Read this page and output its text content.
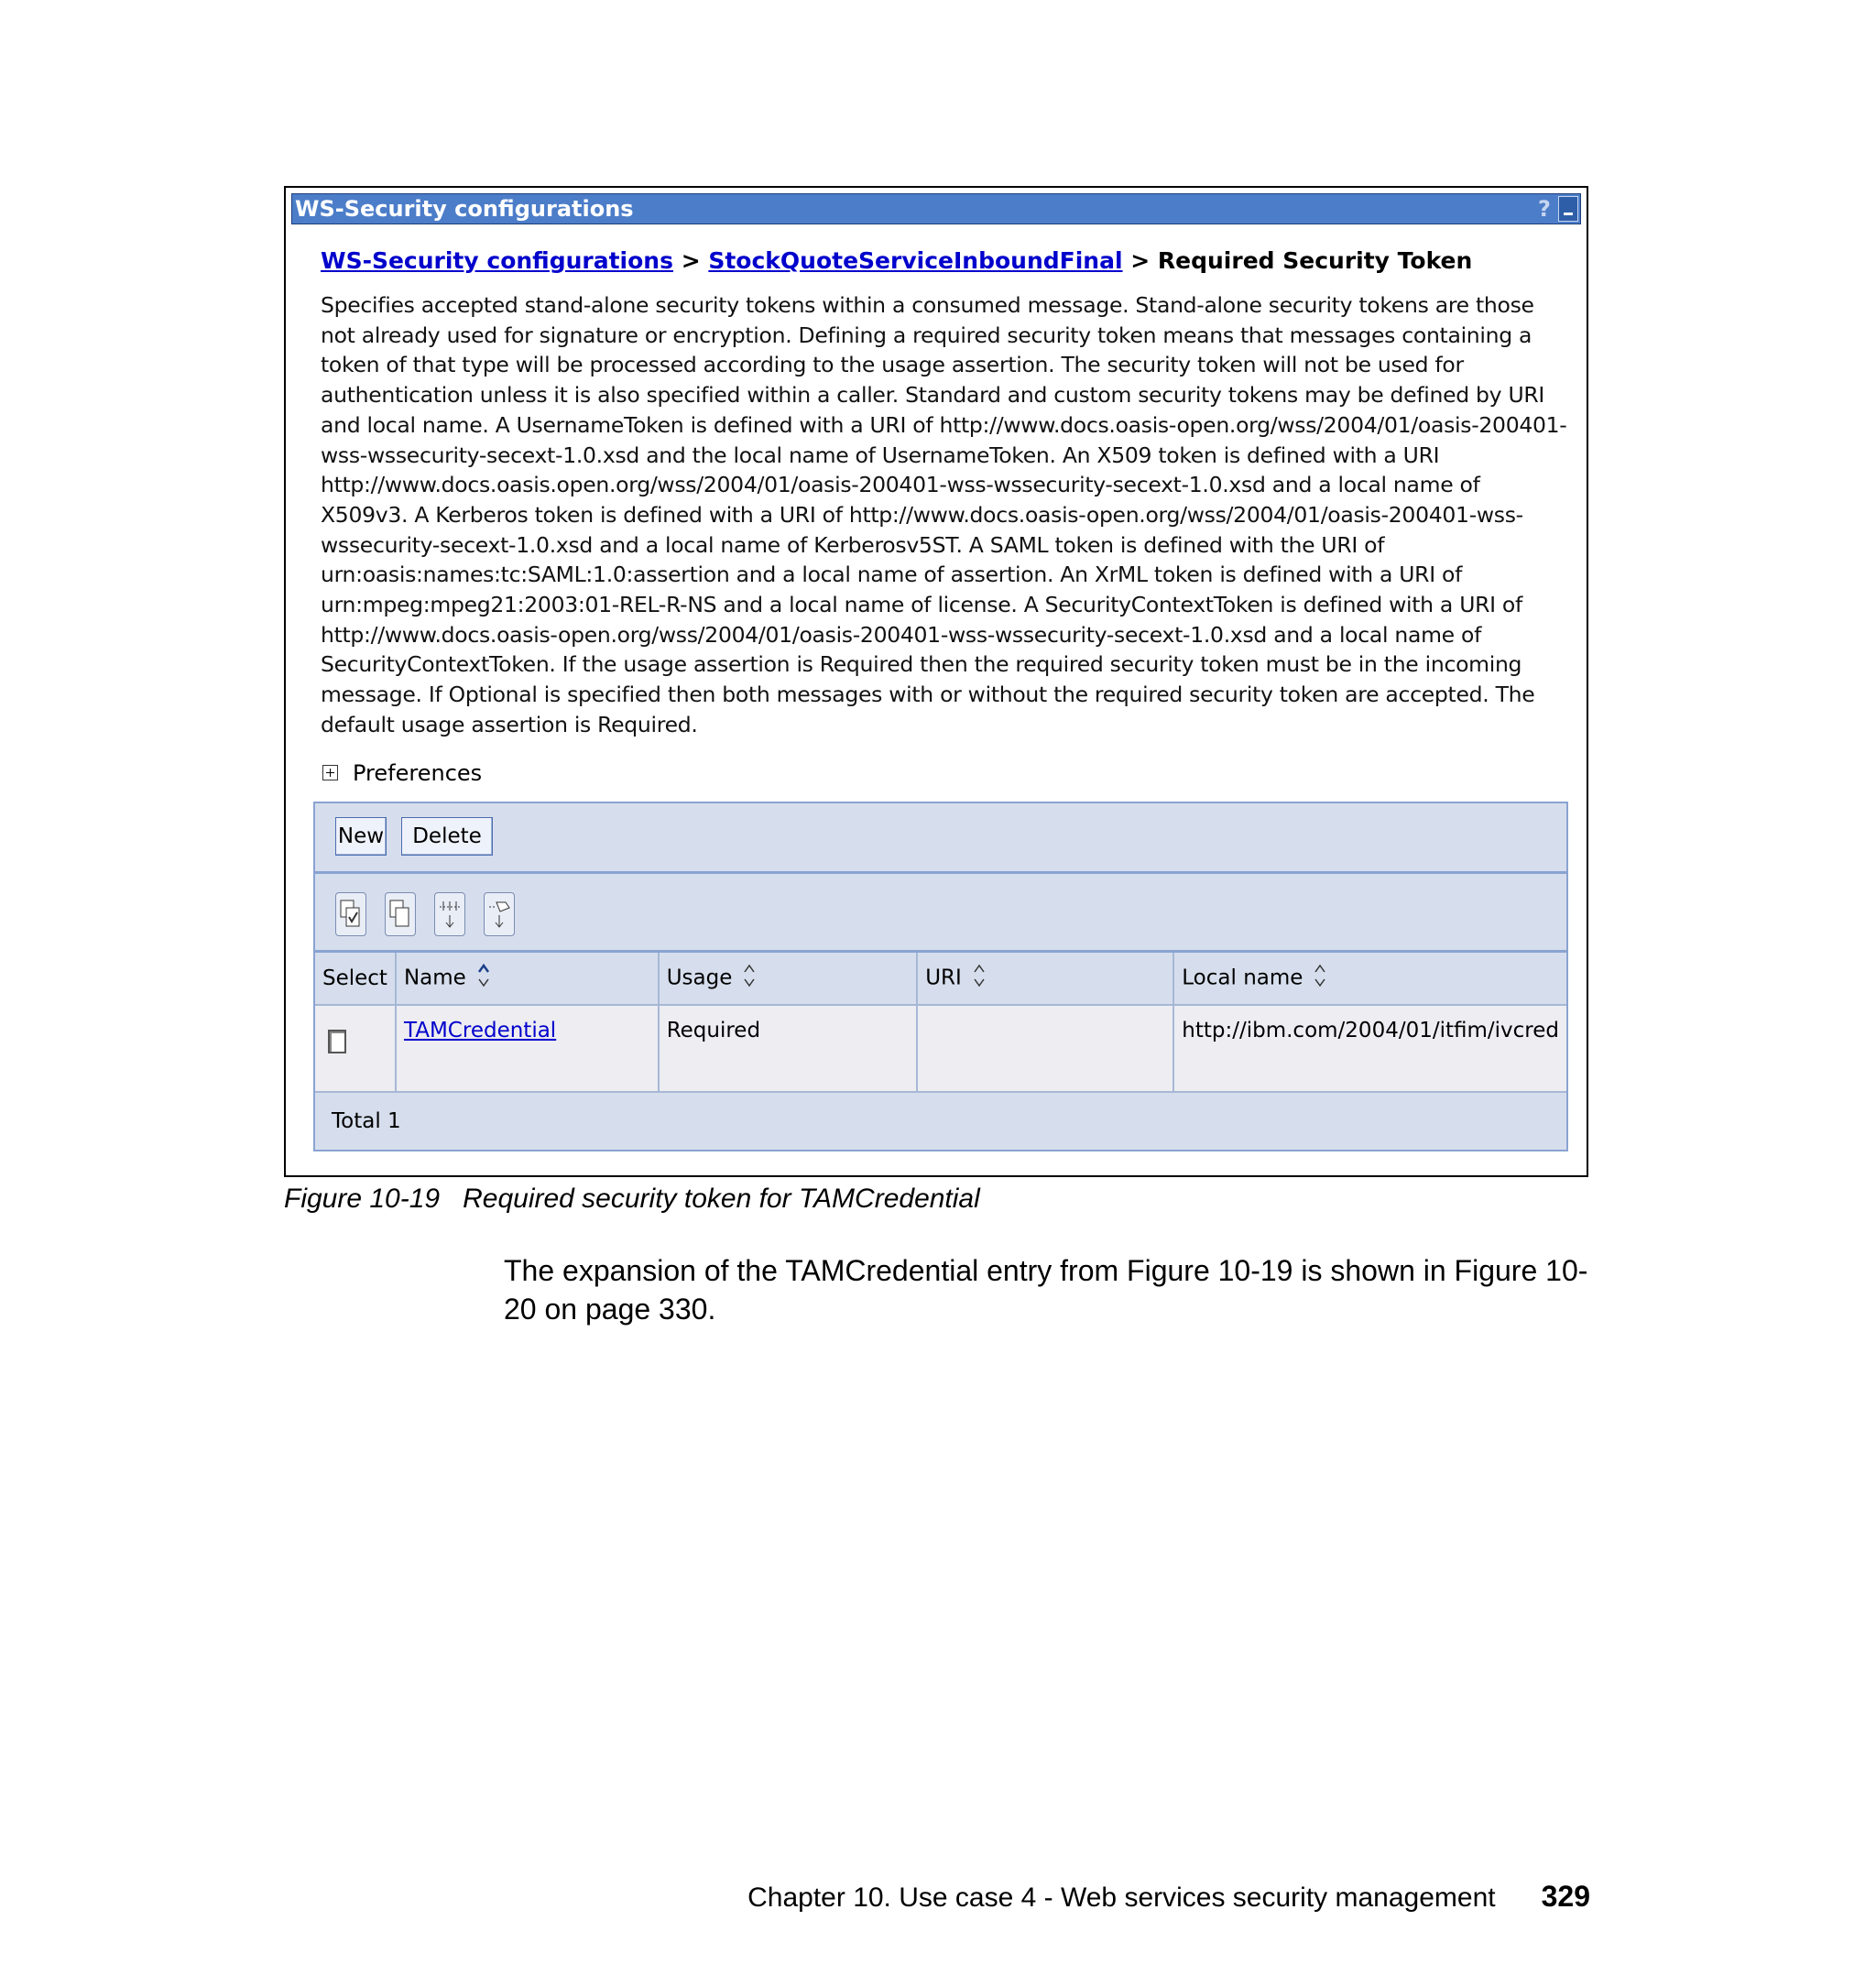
WS-Security configurations	?
WS-Security configurations > StockQuoteServiceInboundFinal > Required Security Token
Specifies accepted stand-alone security tokens within a consumed message. Stand-alone security tokens are those not already used for signature or encryption. Defining a required security token means that messages containing a token of that type will be processed according to the usage assertion. The security token will not be used for authentication unless it is also specified within a caller. Standard and custom security tokens may be defined by URI and local name. A UsernameToken is defined with a URI of http://www.docs.oasis-open.org/wss/2004/01/oasis-200401-wss-wssecurity-secext-1.0.xsd and the local name of UsernameToken. An X509 token is defined with a URI http://www.docs.oasis.open.org/wss/2004/01/oasis-200401-wss-wssecurity-secext-1.0.xsd and a local name of X509v3. A Kerberos token is defined with a URI of http://www.docs.oasis-open.org/wss/2004/01/oasis-200401-wss-wssecurity-secext-1.0.xsd and a local name of Kerberosv5ST. A SAML token is defined with the URI of urn:oasis:names:tc:SAML:1.0:assertion and a local name of assertion. An XrML token is defined with a URI of urn:mpeg:mpeg21:2003:01-REL-R-NS and a local name of license. A SecurityContextToken is defined with a URI of http://www.docs.oasis-open.org/wss/2004/01/oasis-200401-wss-wssecurity-secext-1.0.xsd and a local name of SecurityContextToken. If the usage assertion is Required then the required security token must be in the incoming message. If Optional is specified then both messages with or without the required security token are accepted. The default usage assertion is Required.
Preferences
New	Delete
Select	Name	Usage	URI	Local name
	TAMCredential	Required		http://ibm.com/2004/01/itfim/ivcred
Total 1
Figure 10-19   Required security token for TAMCredential
The expansion of the TAMCredential entry from Figure 10-19 is shown in Figure 10-20 on page 330.
Chapter 10. Use case 4 - Web services security management 329
